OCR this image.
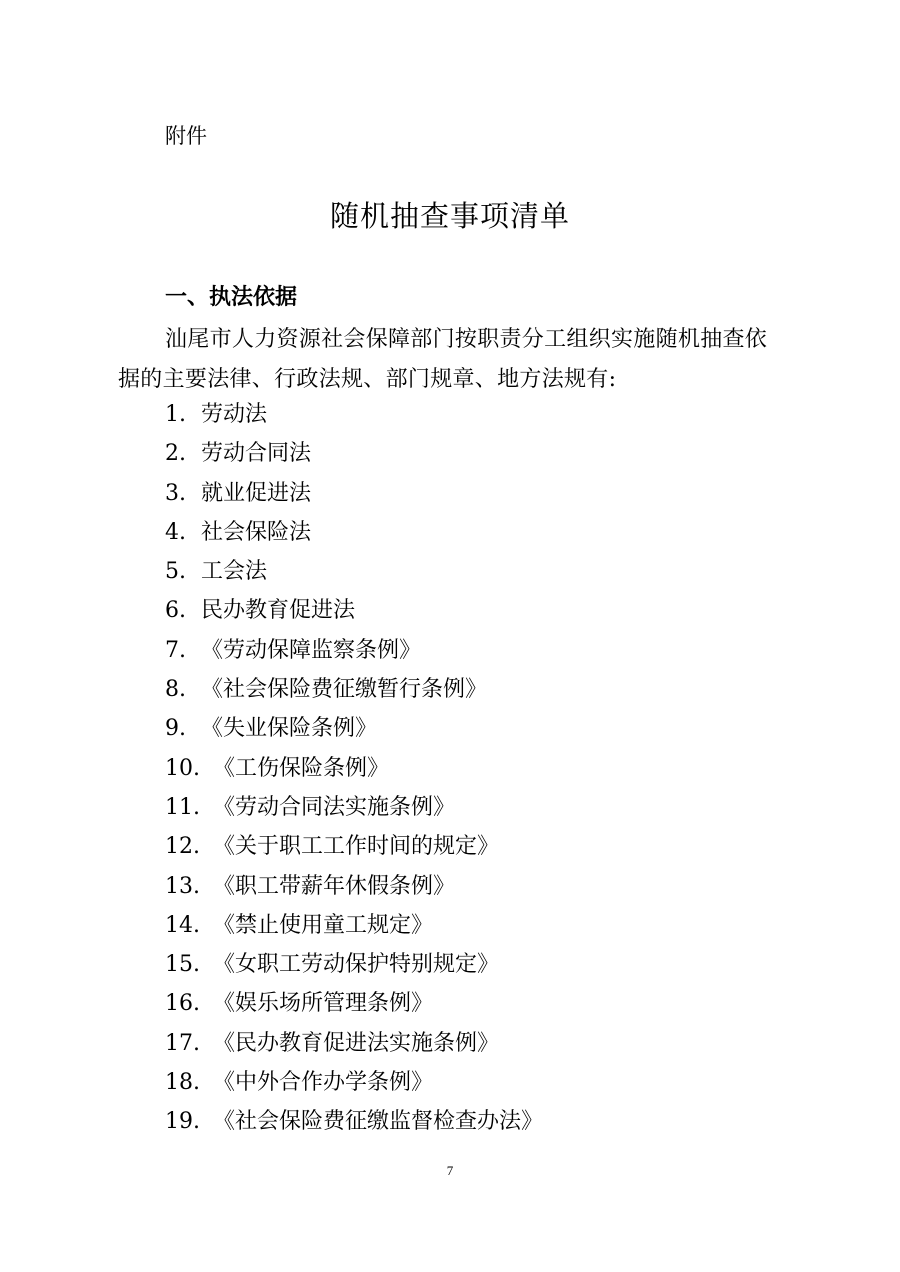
附件
随机抽查事项清单
一、执法依据

汕尾市人力资源社会保障部门按职责分工组织实施随机抽查依据的主要法律、行政法规、部门规章、地方法规有:

1. 劳动法
2. 劳动合同法
3. 就业促进法
4. 社会保险法
5. 工会法
6. 民办教育促进法
7. 《劳动保障监察条例》
8. 《社会保险费征缴暂行条例》
9. 《失业保险条例》
10. 《工伤保险条例》
11. 《劳动合同法实施条例》
12. 《关于职工工作时间的规定》
13. 《职工带薪年休假条例》
14. 《禁止使用童工规定》
15. 《女职工劳动保护特别规定》
16. 《娱乐场所管理条例》
17. 《民办教育促进法实施条例》
18. 《中外合作办学条例》
19. 《社会保险费征缴监督检查办法》
7
